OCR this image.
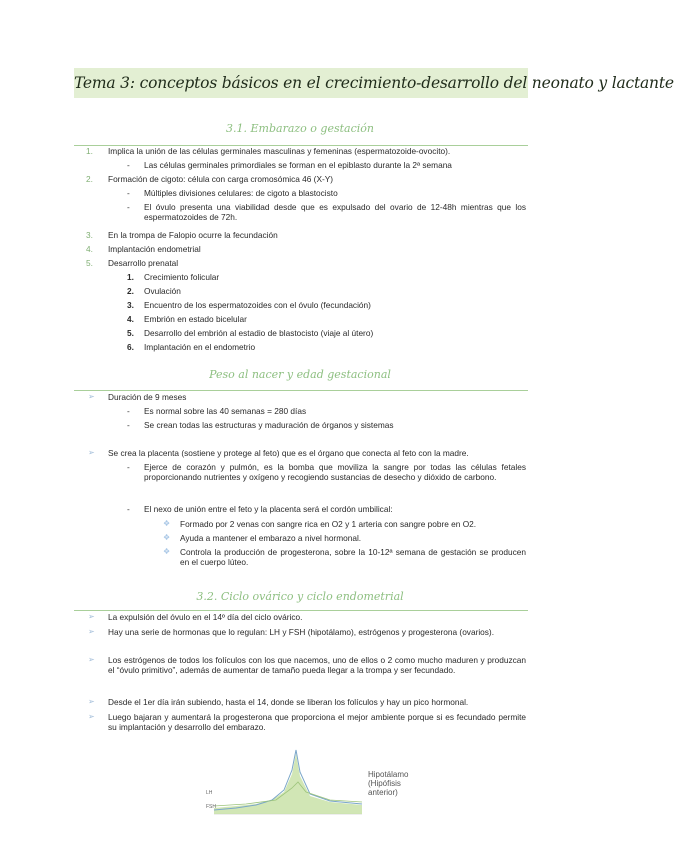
Tema 3: conceptos básicos en el crecimiento-desarrollo del neonato y lactante
3.1. Embarazo o gestación
1. Implica la unión de las células germinales masculinas y femeninas (espermatozoide-ovocito).
- Las células germinales primordiales se forman en el epiblasto durante la 2ª semana
2. Formación de cigoto: célula con carga cromosómica 46 (X-Y)
- Múltiples divisiones celulares: de cigoto a blastocisto
- El óvulo presenta una viabilidad desde que es expulsado del ovario de 12-48h mientras que los espermatozoides de 72h.
3. En la trompa de Falopio ocurre la fecundación
4. Implantación endometrial
5. Desarrollo prenatal
1. Crecimiento folicular
2. Ovulación
3. Encuentro de los espermatozoides con el óvulo (fecundación)
4. Embrión en estado bicelular
5. Desarrollo del embrión al estadio de blastocisto (viaje al útero)
6. Implantación en el endometrio
Peso al nacer y edad gestacional
➢ Duración de 9 meses
- Es normal sobre las 40 semanas = 280 días
- Se crean todas las estructuras y maduración de órganos y sistemas
➢ Se crea la placenta (sostiene y protege al feto) que es el órgano que conecta al feto con la madre.
- Ejerce de corazón y pulmón, es la bomba que moviliza la sangre por todas las células fetales proporcionando nutrientes y oxígeno y recogiendo sustancias de desecho y dióxido de carbono.
- El nexo de unión entre el feto y la placenta será el cordón umbilical:
❖ Formado por 2 venas con sangre rica en O2 y 1 arteria con sangre pobre en O2.
❖ Ayuda a mantener el embarazo a nivel hormonal.
❖ Controla la producción de progesterona, sobre la 10-12ª semana de gestación se producen en el cuerpo lúteo.
3.2. Ciclo ovárico y ciclo endometrial
➢ La expulsión del óvulo en el 14º día del ciclo ovárico.
➢ Hay una serie de hormonas que lo regulan: LH y FSH (hipotálamo), estrógenos y progesterona (ovarios).
➢ Los estrógenos de todos los folículos con los que nacemos, uno de ellos o 2 como mucho maduren y produzcan el “óvulo primitivo”, además de aumentar de tamaño pueda llegar a la trompa y ser fecundado.
➢ Desde el 1er día irán subiendo, hasta el 14, donde se liberan los folículos y hay un pico hormonal.
➢ Luego bajaran y aumentará la progesterona que proporciona el mejor ambiente porque si es fecundado permite su implantación y desarrollo del embarazo.
LH
FSH
Hipotálamo (Hipófisis anterior)
